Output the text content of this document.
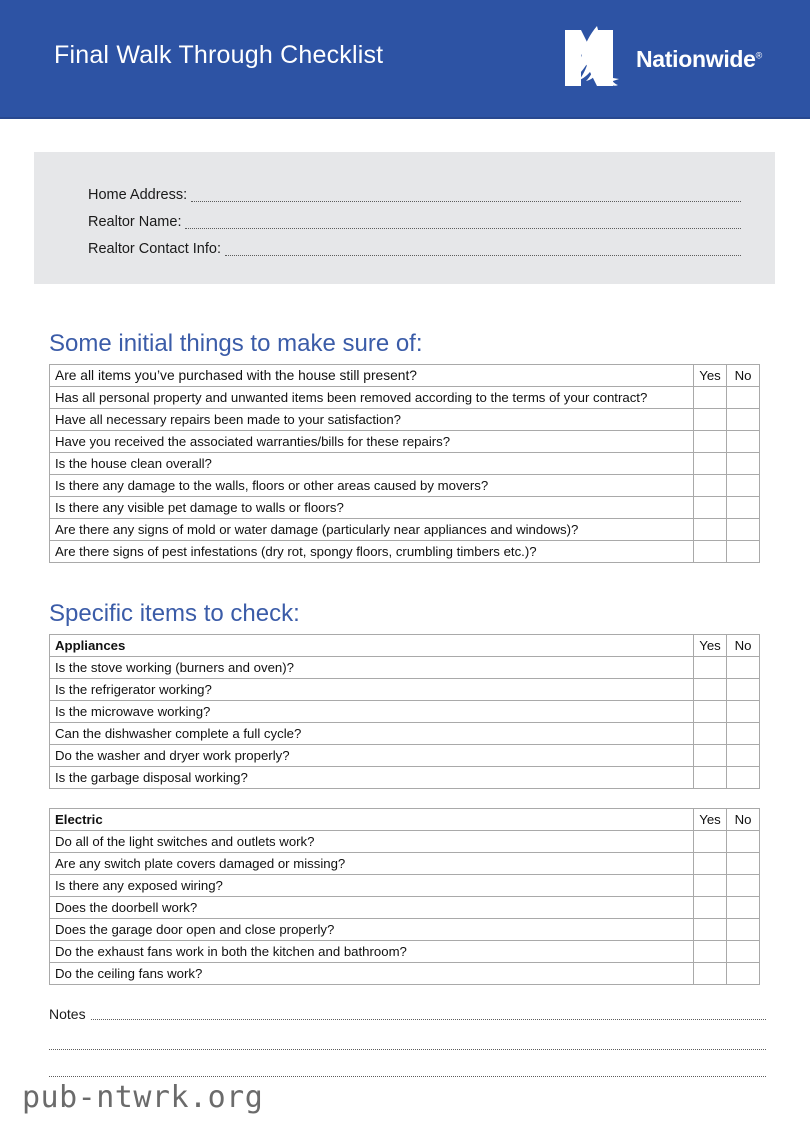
Final Walk Through Checklist	Nationwide®
Home Address:
Realtor Name:
Realtor Contact Info:
Some initial things to make sure of:
Are all items you’ve purchased with the house still present?	Yes	No
Has all personal property and unwanted items been removed according to the terms of your contract?		
Have all necessary repairs been made to your satisfaction?		
Have you received the associated warranties/bills for these repairs?		
Is the house clean overall?		
Is there any damage to the walls, floors or other areas caused by movers?		
Is there any visible pet damage to walls or floors?		
Are there any signs of mold or water damage (particularly near appliances and windows)?		
Are there signs of pest infestations (dry rot, spongy floors, crumbling timbers etc.)?		
Specific items to check:
Appliances	Yes	No
Is the stove working (burners and oven)?		
Is the refrigerator working?		
Is the microwave working?		
Can the dishwasher complete a full cycle?		
Do the washer and dryer work properly?		
Is the garbage disposal working?		
Electric	Yes	No
Do all of the light switches and outlets work?		
Are any switch plate covers damaged or missing?		
Is there any exposed wiring?		
Does the doorbell work?		
Does the garage door open and close properly?		
Do the exhaust fans work in both the kitchen and bathroom?		
Do the ceiling fans work?		
Notes
pub-ntwrk.org
